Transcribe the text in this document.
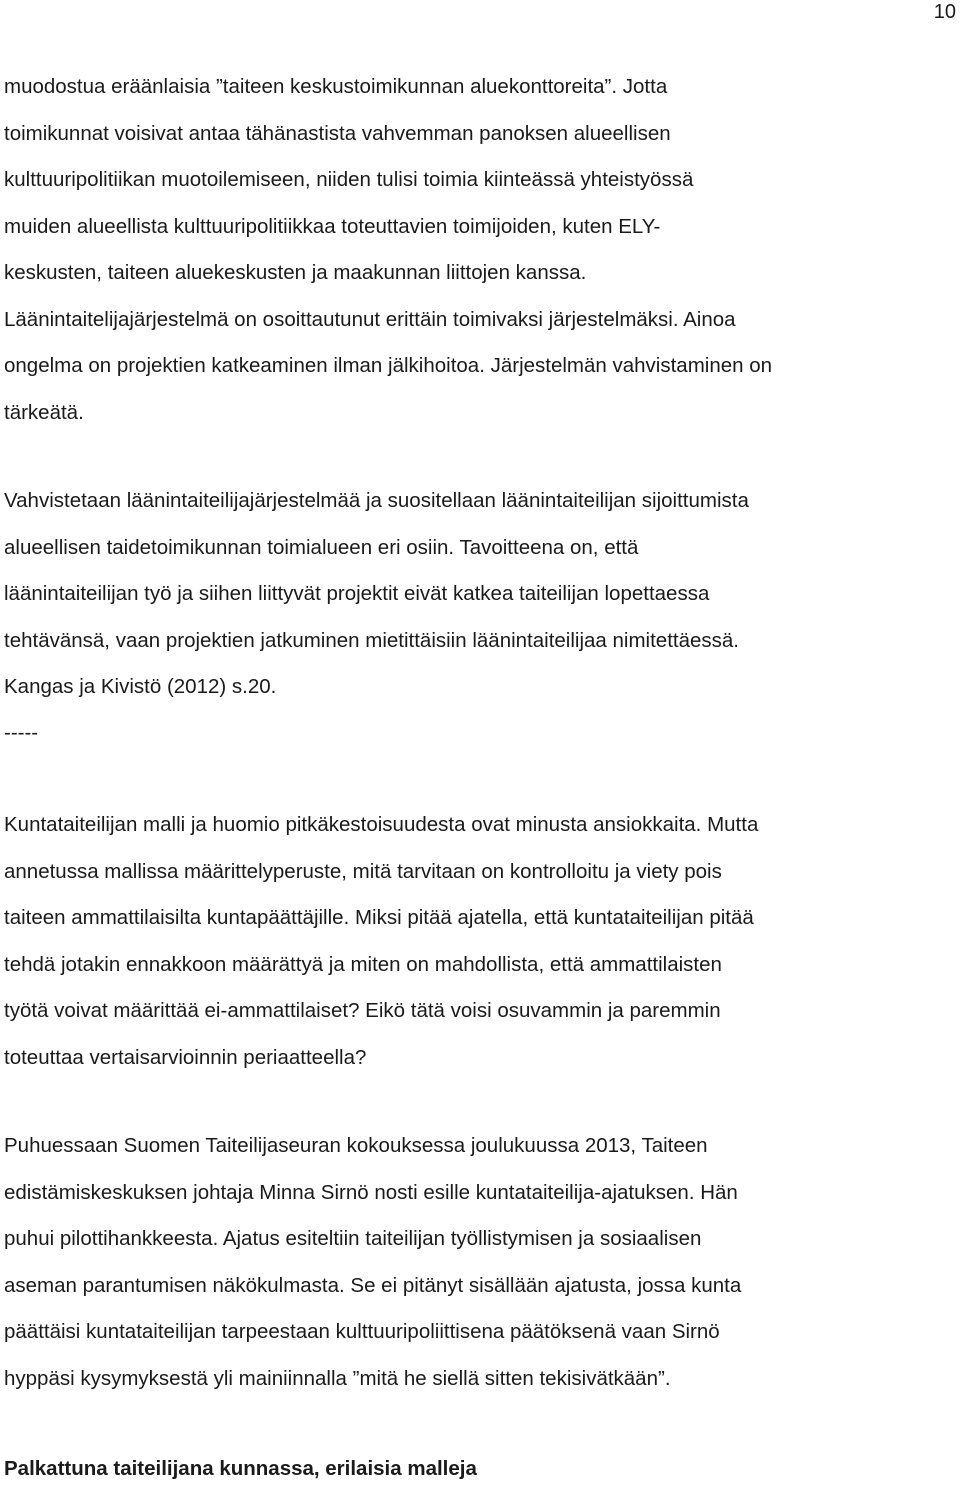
10
muodostua eräänlaisia ”taiteen keskustoimikunnan aluekonttoreita”. Jotta
toimikunnat voisivat antaa tähänastista vahvemman panoksen alueellisen
kulttuuripolitiikan muotoilemiseen, niiden tulisi toimia kiinteässä yhteistyössä
muiden alueellista kulttuuripolitiikkaa toteuttavien toimijoiden, kuten ELY-
keskusten, taiteen aluekeskusten ja maakunnan liittojen kanssa.
Läänintaitelijajärjestelmä on osoittautunut erittäin toimivaksi järjestelmäksi. Ainoa
ongelma on projektien katkeaminen ilman jälkihoitoa. Järjestelmän vahvistaminen on
tärkeätä.
Vahvistetaan läänintaiteilijajärjestelmää ja suositellaan läänintaiteilijan sijoittumista
alueellisen taidetoimikunnan toimialueen eri osiin. Tavoitteena on, että
läänintaiteilijan työ ja siihen liittyvät projektit eivät katkea taiteilijan lopettaessa
tehtävänsä, vaan projektien jatkuminen mietittäisiin läänintaiteilijaa nimitettäessä.
Kangas ja Kivistö (2012) s.20.
-----
Kuntataiteilijan malli ja huomio pitkäkestoisuudesta ovat minusta ansiokkaita. Mutta
annetussa mallissa määrittelyperuste, mitä tarvitaan on kontrolloitu ja viety pois
taiteen ammattilaisilta kuntapäättäjille. Miksi pitää ajatella, että kuntataiteilijan pitää
tehdä jotakin ennakkoon määrättyä ja miten on mahdollista, että ammattilaisten
työtä voivat määrittää ei-ammattilaiset? Eikö tätä voisi osuvammin ja paremmin
toteuttaa vertaisarvioinnin periaatteella?
Puhuessaan Suomen Taiteilijaseuran kokouksessa joulukuussa 2013, Taiteen
edistämiskeskuksen johtaja Minna Sirnö nosti esille kuntataiteilija-ajatuksen. Hän
puhui pilottihankkeesta. Ajatus esiteltiin taiteilijan työllistymisen ja sosiaalisen
aseman parantumisen näkökulmasta. Se ei pitänyt sisällään ajatusta, jossa kunta
päättäisi kuntataiteilijan tarpeestaan kulttuuripoliittisena päätöksenä vaan Sirnö
hyppäsi kysymyksestä yli mainiinnalla ”mitä he siellä sitten tekisivätkään”.
Palkattuna taiteilijana kunnassa, erilaisia malleja
